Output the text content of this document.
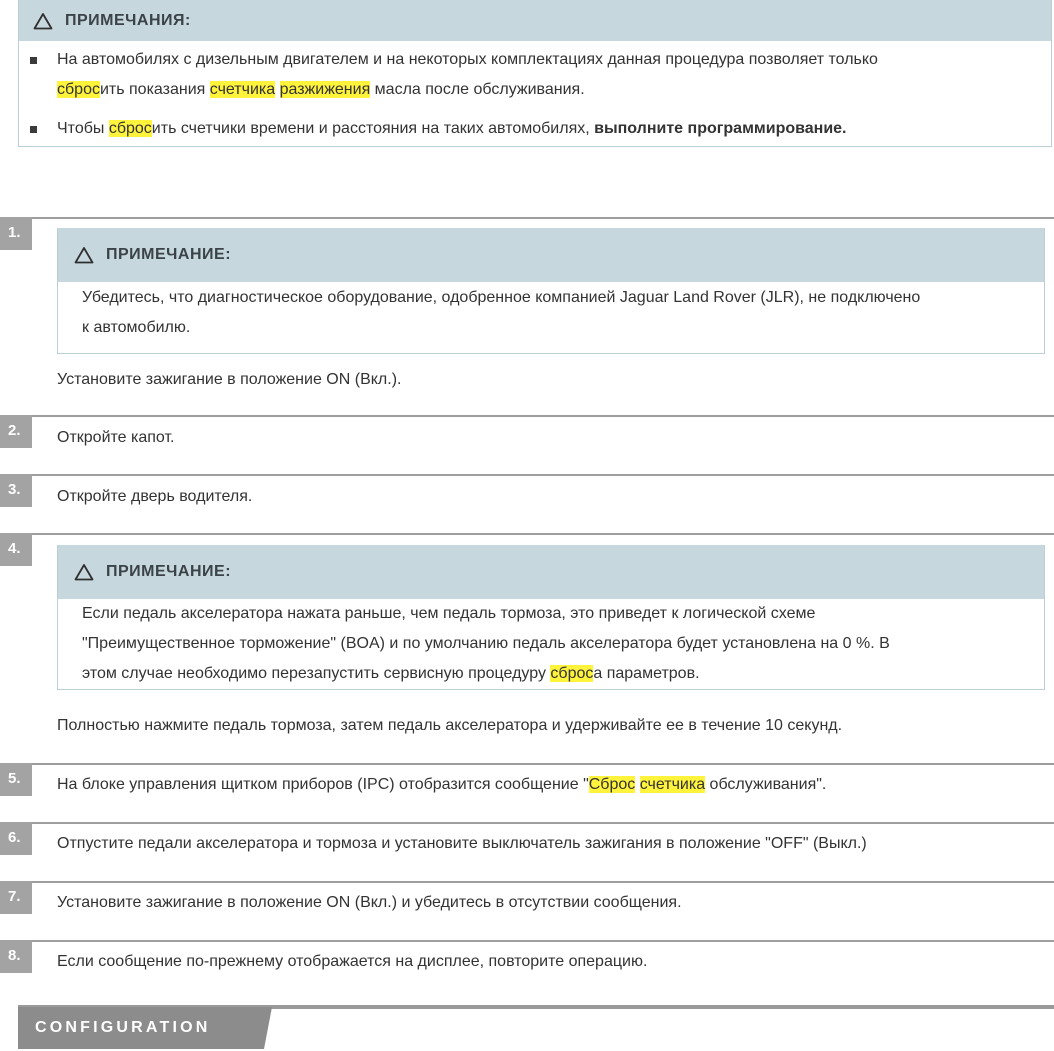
ПРИМЕЧАНИЯ:
На автомобилях с дизельным двигателем и на некоторых комплектациях данная процедура позволяет только
сбросить показания счетчика разжижения масла после обслуживания.
Чтобы сбросить счетчики времени и расстояния на таких автомобилях, выполните программирование.
1.
ПРИМЕЧАНИЕ:
Убедитесь, что диагностическое оборудование, одобренное компанией Jaguar Land Rover (JLR), не подключено
к автомобилю.
Установите зажигание в положение ON (Вкл.).
2.	Откройте капот.
3.	Откройте дверь водителя.
4.
ПРИМЕЧАНИЕ:
Если педаль акселератора нажата раньше, чем педаль тормоза, это приведет к логической схеме
"Преимущественное торможение" (BOA) и по умолчанию педаль акселератора будет установлена на 0 %. В
этом случае необходимо перезапустить сервисную процедуру сброса параметров.
Полностью нажмите педаль тормоза, затем педаль акселератора и удерживайте ее в течение 10 секунд.
5.	На блоке управления щитком приборов (IPC) отобразится сообщение "Сброс счетчика обслуживания".
6.	Отпустите педали акселератора и тормоза и установите выключатель зажигания в положение "OFF" (Выкл.)
7.	Установите зажигание в положение ON (Вкл.) и убедитесь в отсутствии сообщения.
8.	Если сообщение по-прежнему отображается на дисплее, повторите операцию.
CONFIGURATION
